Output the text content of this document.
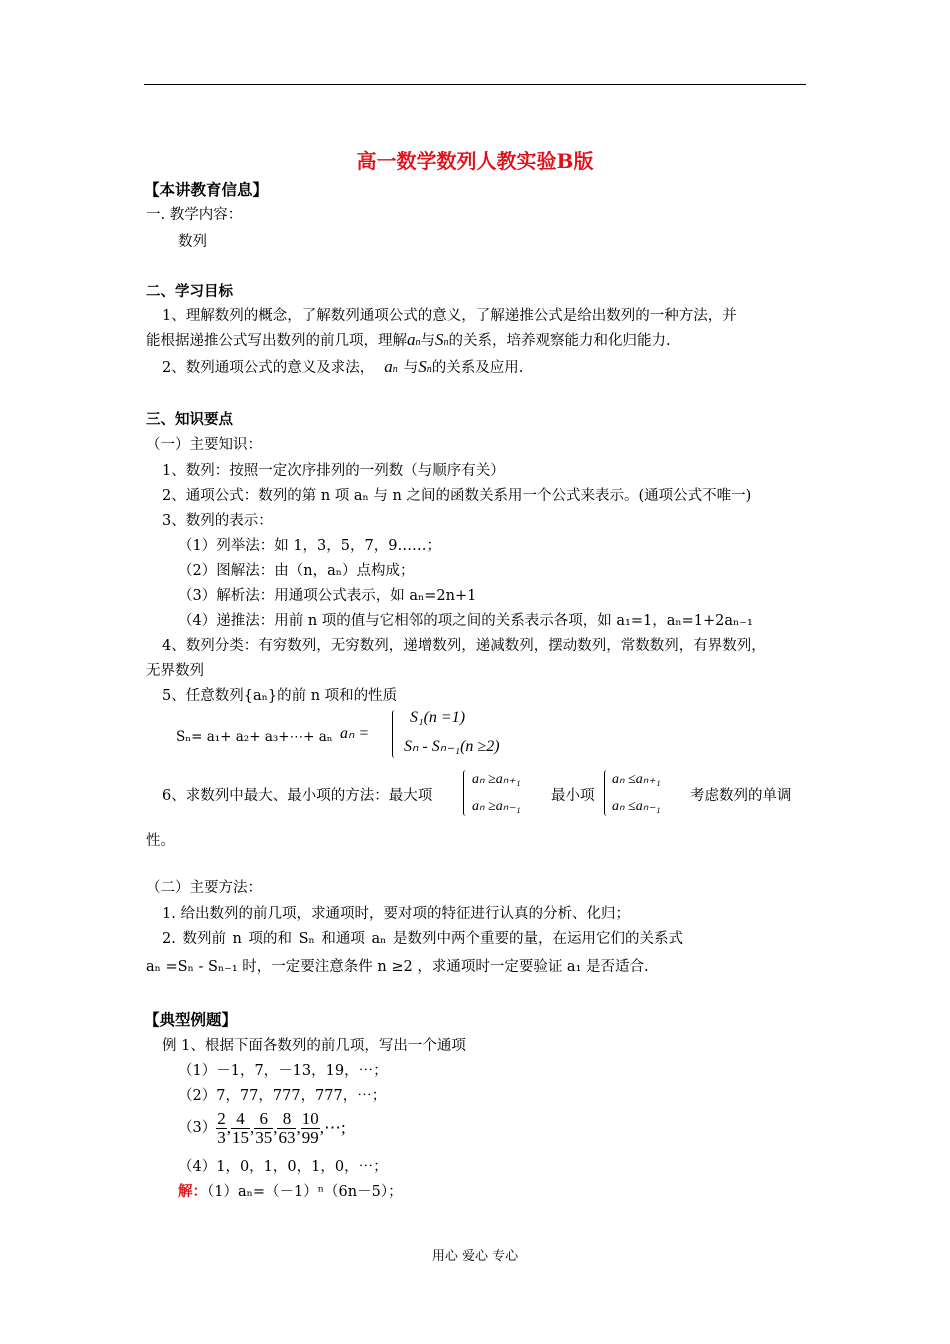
高一数学数列人教实验B版
【本讲教育信息】
一. 教学内容：
数列
二、学习目标
1、理解数列的概念，了解数列通项公式的意义，了解递推公式是给出数列的一种方法，并
能根据递推公式写出数列的前几项，理解an与Sn的关系，培养观察能力和化归能力.
2、数列通项公式的意义及求法， an 与Sn的关系及应用.
三、知识要点
（一）主要知识：
1、数列：按照一定次序排列的一列数（与顺序有关）
2、通项公式：数列的第 n 项 aₙ 与 n 之间的函数关系用一个公式来表示。(通项公式不唯一)
3、数列的表示：
（1）列举法：如 1，3，5，7，9……；
（2）图解法：由（n，aₙ）点构成；
（3）解析法：用通项公式表示，如 aₙ=2n+1
（4）递推法：用前 n 项的值与它相邻的项之间的关系表示各项，如 a₁=1，aₙ=1+2aₙ₋₁
4、数列分类：有穷数列，无穷数列，递增数列，递减数列，摆动数列，常数数列，有界数列，
无界数列
5、任意数列{aₙ}的前 n 项和的性质
Sₙ= a₁+ a₂+ a₃+⋯+ aₙ aₙ =
S₁(n =1)
Sₙ - Sₙ₋₁(n ≥2)
6、求数列中最大、最小项的方法：最大项
aₙ ≥aₙ₊₁
aₙ ≥aₙ₋₁
最小项
aₙ ≤aₙ₊₁
aₙ ≤aₙ₋₁
考虑数列的单调
性。
（二）主要方法：
1. 给出数列的前几项，求通项时，要对项的特征进行认真的分析、化归；
2. 数列前 n 项的和 Sₙ 和通项 aₙ 是数列中两个重要的量，在运用它们的关系式
aₙ =Sₙ - Sₙ₋₁ 时，一定要注意条件 n ≥2 ，求通项时一定要验证 a₁ 是否适合.
【典型例题】
例 1、根据下面各数列的前几项，写出一个通项
（1）－1，7，－13，19，⋯；
（2）7，77，777，777，⋯；
$(3) \frac{2}{3}$ , $\frac{4}{15}$ , $\frac{6}{35}$ , $\frac{8}{63}$ , $\frac{10}{99}$ ,⋯;
（4）1，0，1，0，1，0，⋯；
解：（1）aₙ=（－1）ⁿ（6n－5）；
用心 爱心 专心
